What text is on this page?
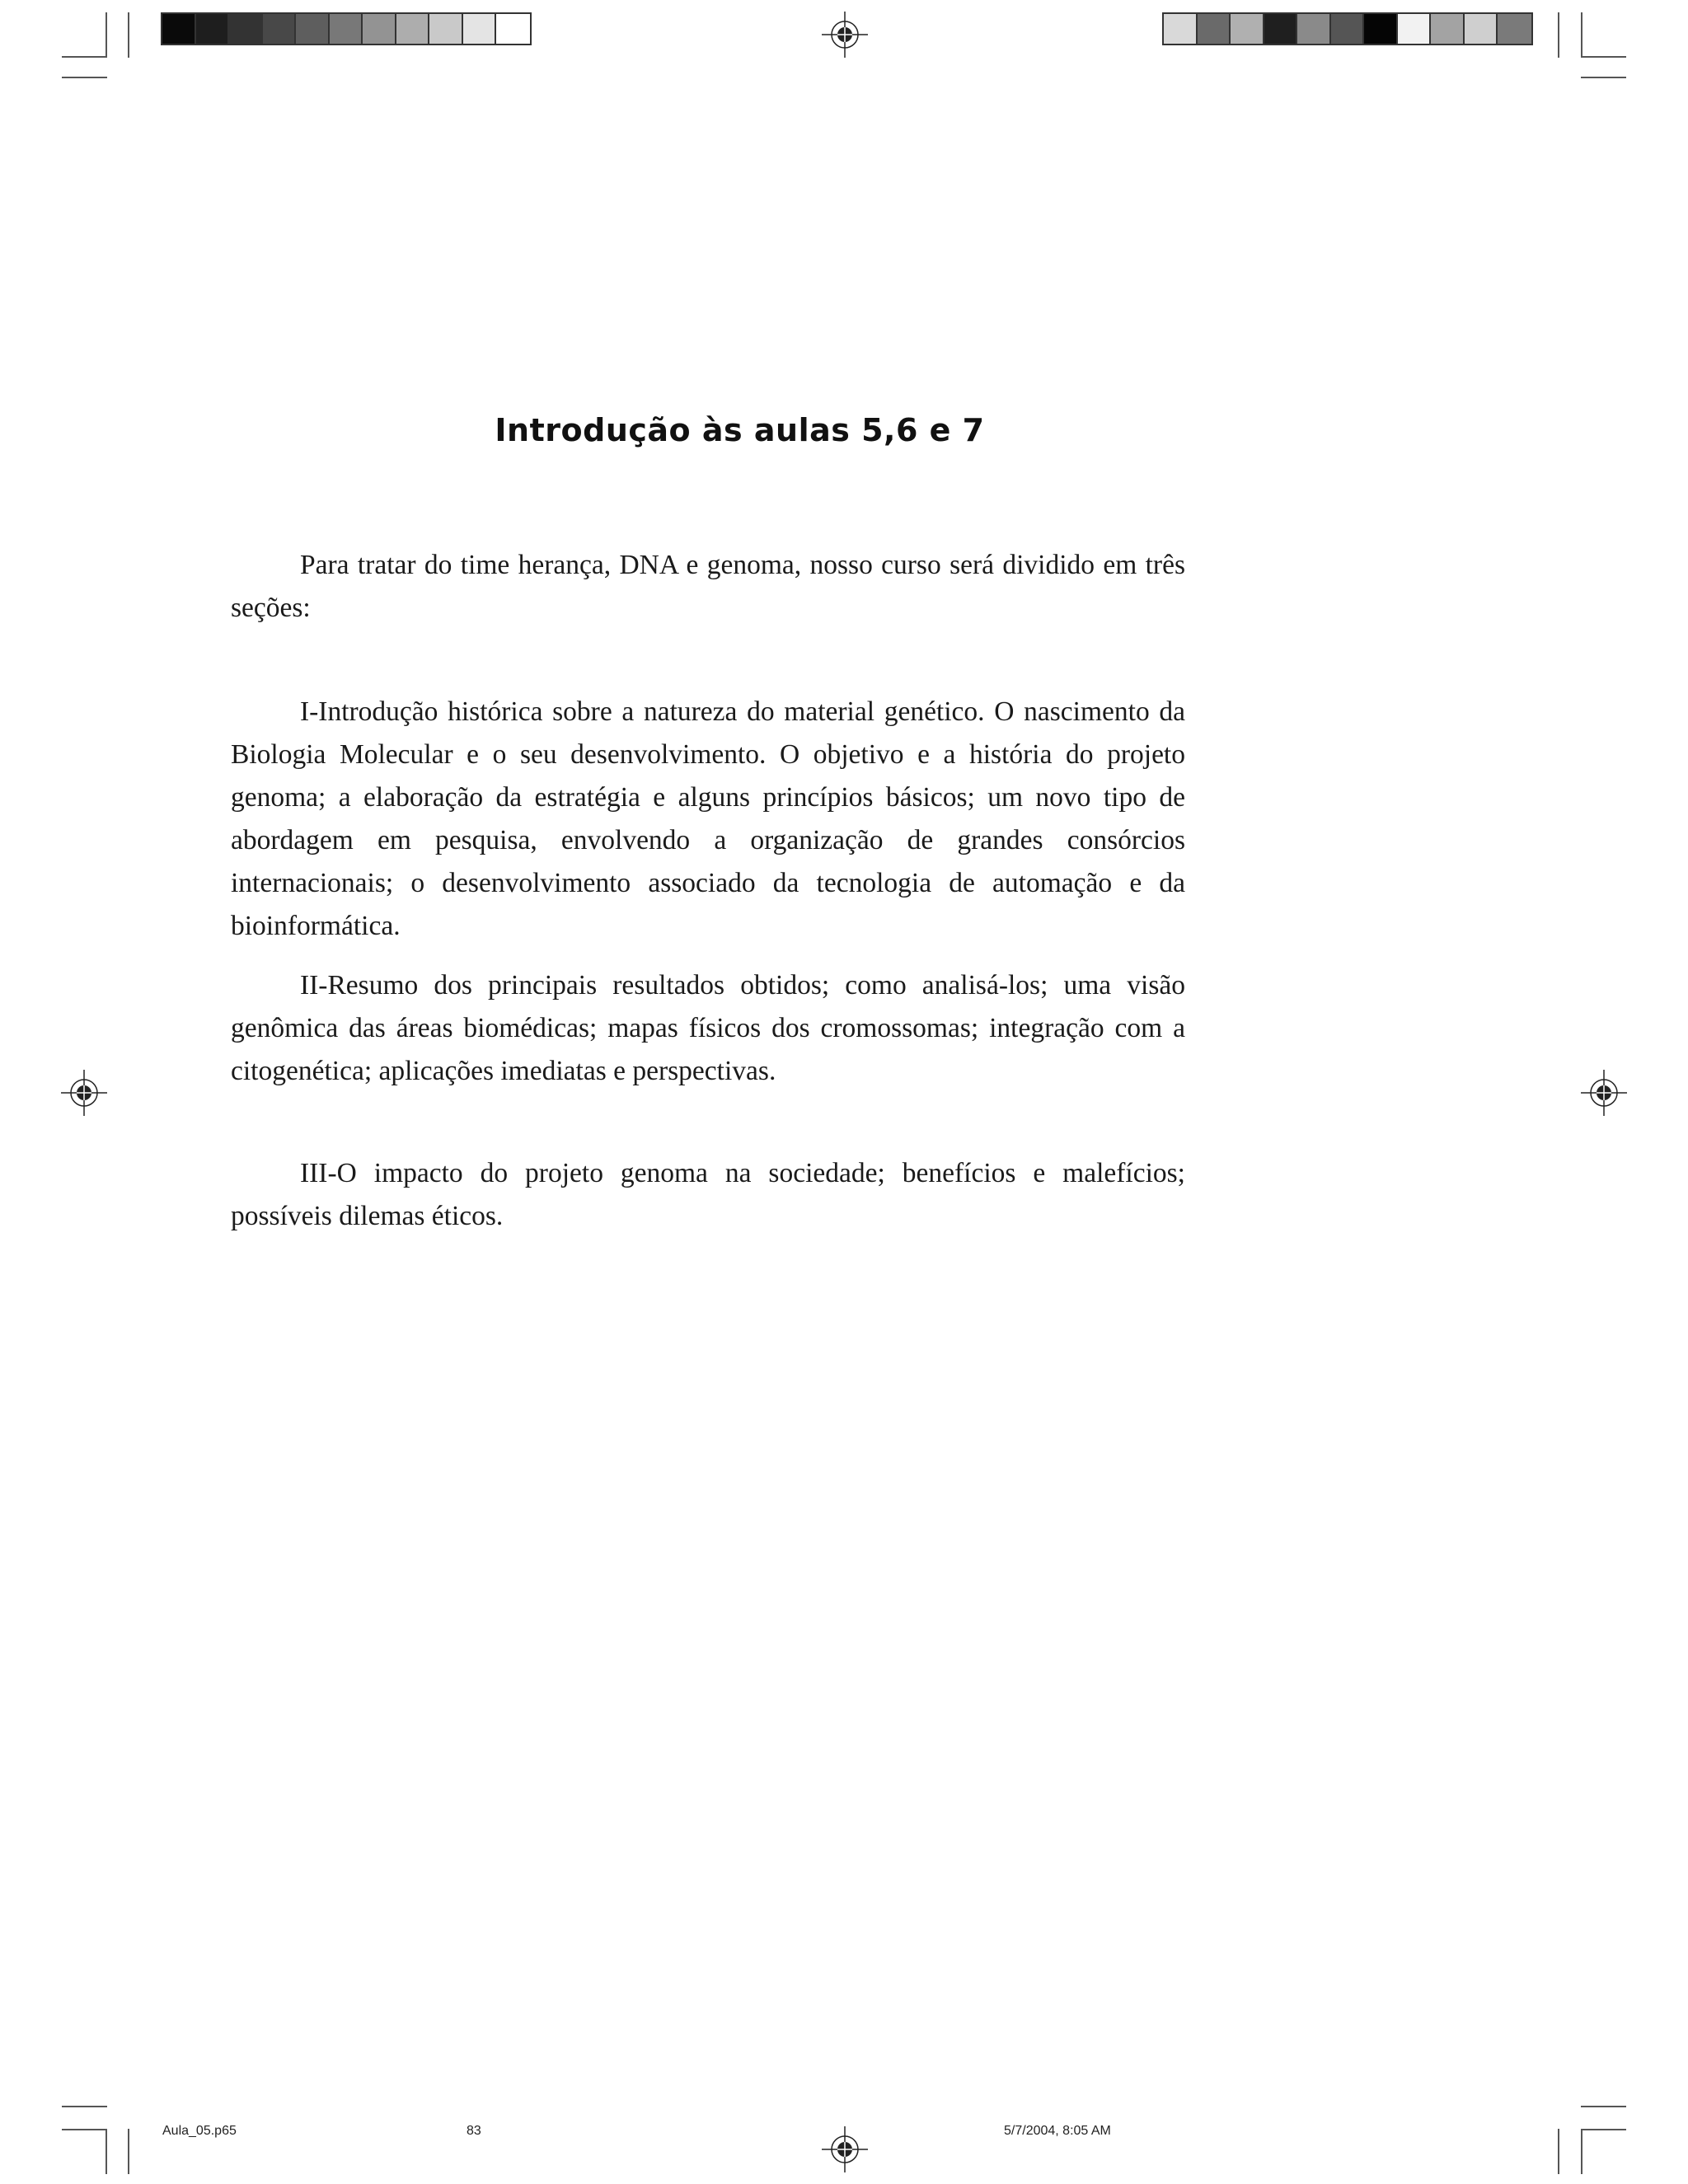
Introdução às aulas 5,6 e 7

Para tratar do time herança, DNA e genoma, nosso curso será dividido em três seções:

I-Introdução histórica sobre a natureza do material genético. O nascimento da Biologia Molecular e o seu desenvolvimento. O objetivo e a história do projeto genoma; a elaboração da estratégia e alguns princípios básicos; um novo tipo de abordagem em pesquisa, envolvendo a organização de grandes consórcios internacionais; o desenvolvimento associado da tecnologia de automação e da bioinformática.

II-Resumo dos principais resultados obtidos; como analisá-los; uma visão genômica das áreas biomédicas; mapas físicos dos cromossomas; integração com a citogenética; aplicações imediatas e perspectivas.

III-O impacto do projeto genoma na sociedade; benefícios e malefícios; possíveis dilemas éticos.

Aula_05.p65	83	5/7/2004, 8:05 AM
